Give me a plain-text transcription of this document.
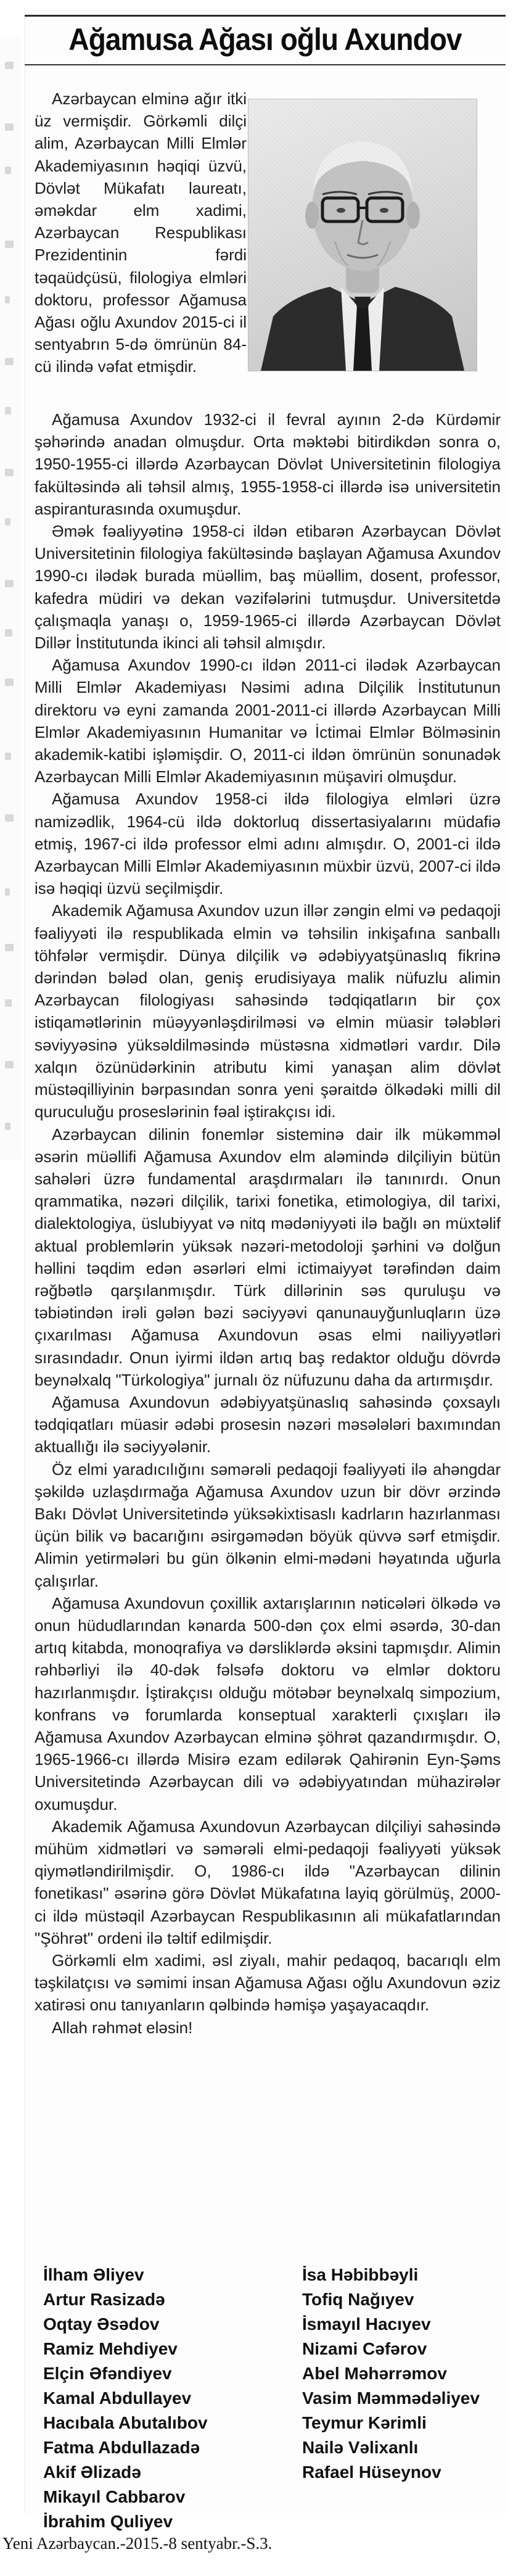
Ağamusa Ağası oğlu Axundov

Azərbaycan elminə ağır itki üz vermişdir. Görkəmli dilçi alim, Azərbaycan Milli Elmlər Akademiyasının həqiqi üzvü, Dövlət Mükafatı laureatı, əməkdar elm xadimi, Azərbaycan Respublikası Prezidentinin fərdi təqaüdçüsü, filologiya elmləri doktoru, professor Ağamusa Ağası oğlu Axundov 2015-ci il sentyabrın 5-də ömrünün 84-cü ilində vəfat etmişdir.

Ağamusa Axundov 1932-ci il fevral ayının 2-də Kürdəmir şəhərində anadan olmuşdur. Orta məktəbi bitirdikdən sonra o, 1950-1955-ci illərdə Azərbaycan Dövlət Universitetinin filologiya fakültəsində ali təhsil almış, 1955-1958-ci illərdə isə universitetin aspiranturasında oxumuşdur.

Əmək fəaliyyətinə 1958-ci ildən etibarən Azərbaycan Dövlət Universitetinin filologiya fakültəsində başlayan Ağamusa Axundov 1990-cı ilədək burada müəllim, baş müəllim, dosent, professor, kafedra müdiri və dekan vəzifələrini tutmuşdur. Universitetdə çalışmaqla yanaşı o, 1959-1965-ci illərdə Azərbaycan Dövlət Dillər İnstitutunda ikinci ali təhsil almışdır.

Ağamusa Axundov 1990-cı ildən 2011-ci ilədək Azərbaycan Milli Elmlər Akademiyası Nəsimi adına Dilçilik İnstitutunun direktoru və eyni zamanda 2001-2011-ci illərdə Azərbaycan Milli Elmlər Akademiyasının Humanitar və İctimai Elmlər Bölməsinin akademik-katibi işləmişdir. O, 2011-ci ildən ömrünün sonunadək Azərbaycan Milli Elmlər Akademiyasının müşaviri olmuşdur.

Ağamusa Axundov 1958-ci ildə filologiya elmləri üzrə namizədlik, 1964-cü ildə doktorluq dissertasiyalarını müdafiə etmiş, 1967-ci ildə professor elmi adını almışdır. O, 2001-ci ildə Azərbaycan Milli Elmlər Akademiyasının müxbir üzvü, 2007-ci ildə isə həqiqi üzvü seçilmişdir.

Akademik Ağamusa Axundov uzun illər zəngin elmi və pedaqoji fəaliyyəti ilə respublikada elmin və təhsilin inkişafına sanballı töhfələr vermişdir. Dünya dilçilik və ədəbiyyatşünaslıq fikrinə dərindən bələd olan, geniş erudisiyaya malik nüfuzlu alimin Azərbaycan filologiyası sahəsində tədqiqatların bir çox istiqamətlərinin müəyyənləşdirilməsi və elmin müasir tələbləri səviyyəsinə yüksəldilməsində müstəsna xidmətləri vardır. Dilə xalqın özünüdərkinin atributu kimi yanaşan alim dövlət müstəqilliyinin bərpasından sonra yeni şəraitdə ölkədəki milli dil quruculuğu proseslərinin fəal iştirakçısı idi.

Azərbaycan dilinin fonemlər sisteminə dair ilk mükəmməl əsərin müəllifi Ağamusa Axundov elm aləmində dilçiliyin bütün sahələri üzrə fundamental araşdırmaları ilə tanınırdı. Onun qrammatika, nəzəri dilçilik, tarixi fonetika, etimologiya, dil tarixi, dialektologiya, üslubiyyat və nitq mədəniyyəti ilə bağlı ən müxtəlif aktual problemlərin yüksək nəzəri-metodoloji şərhini və dolğun həllini təqdim edən əsərləri elmi ictimaiyyət tərəfindən daim rəğbətlə qarşılanmışdır. Türk dillərinin səs quruluşu və təbiətindən irəli gələn bəzi səciyyəvi qanunauyğunluqların üzə çıxarılması Ağamusa Axundovun əsas elmi nailiyyətləri sırasındadır. Onun iyirmi ildən artıq baş redaktor olduğu dövrdə beynəlxalq "Türkologiya" jurnalı öz nüfuzunu daha da artırmışdır.

Ağamusa Axundovun ədəbiyyatşünaslıq sahəsində çoxsaylı tədqiqatları müasir ədəbi prosesin nəzəri məsələləri baxımından aktuallığı ilə səciyyələnir.

Öz elmi yaradıcılığını səmərəli pedaqoji fəaliyyəti ilə ahəngdar şəkildə uzlaşdırmağa Ağamusa Axundov uzun bir dövr ərzində Bakı Dövlət Universitetində yüksəkixtisaslı kadrların hazırlanması üçün bilik və bacarığını əsirgəmədən böyük qüvvə sərf etmişdir. Alimin yetirmələri bu gün ölkənin elmi-mədəni həyatında uğurla çalışırlar.

Ağamusa Axundovun çoxillik axtarışlarının nəticələri ölkədə və onun hüdudlarından kənarda 500-dən çox elmi əsərdə, 30-dan artıq kitabda, monoqrafiya və dərsliklərdə əksini tapmışdır. Alimin rəhbərliyi ilə 40-dək fəlsəfə doktoru və elmlər doktoru hazırlanmışdır. İştirakçısı olduğu mötəbər beynəlxalq simpozium, konfrans və forumlarda konseptual xarakterli çıxışları ilə Ağamusa Axundov Azərbaycan elminə şöhrət qazandırmışdır. O, 1965-1966-cı illərdə Misirə ezam edilərək Qahirənin Eyn-Şəms Universitetində Azərbaycan dili və ədəbiyyatından mühazirələr oxumuşdur.

Akademik Ağamusa Axundovun Azərbaycan dilçiliyi sahəsində mühüm xidmətləri və səmərəli elmi-pedaqoji fəaliyyəti yüksək qiymətləndirilmişdir. O, 1986-cı ildə "Azərbaycan dilinin fonetikası" əsərinə görə Dövlət Mükafatına layiq görülmüş, 2000-ci ildə müstəqil Azərbaycan Respublikasının ali mükafatlarından "Şöhrət" ordeni ilə təltif edilmişdir.

Görkəmli elm xadimi, əsl ziyalı, mahir pedaqoq, bacarıqlı elm təşkilatçısı və səmimi insan Ağamusa Ağası oğlu Axundovun əziz xatirəsi onu tanıyanların qəlbində həmişə yaşayacaqdır.

Allah rəhmət eləsin!

İlham Əliyev
Artur Rasizadə
Oqtay Əsədov
Ramiz Mehdiyev
Elçin Əfəndiyev
Kamal Abdullayev
Hacıbala Abutalıbov
Fatma Abdullazadə
Akif Əlizadə
Mikayıl Cabbarov
İbrahim Quliyev
İsa Həbibbəyli
Tofiq Nağıyev
İsmayıl Hacıyev
Nizami Cəfərov
Abel Məhərrəmov
Vasim Məmmədəliyev
Teymur Kərimli
Nailə Vəlixanlı
Rafael Hüseynov
Yeni Azərbaycan.-2015.-8 sentyabr.-S.3.
